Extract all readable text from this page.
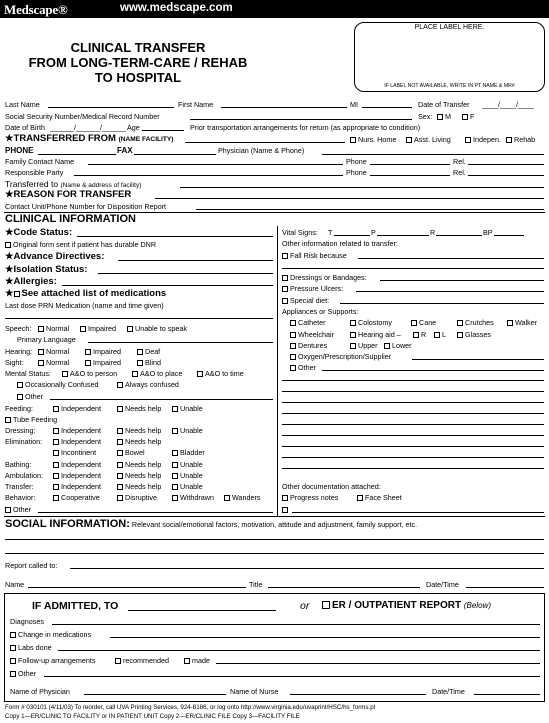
Medscape®	www.medscape.com
CLINICAL TRANSFER
FROM LONG-TERM-CARE / REHAB
TO HOSPITAL
PLACE LABEL HERE.
IF LABEL NOT AVAILABLE, WRITE IN PT NAME & MR#
Last Name	First Name	MI	Date of Transfer ____/____/____
Social Security Number/Medical Record Number	Sex:	M	F
Date of Birth ______/______/______ Age	Prior transportation arrangements for return (as appropriate to condition)
★TRANSFERRED FROM (NAME FACILITY)	Nurs. Home	Asst. Living	Indepen.	Rehab
PHONE	FAX	Physician (Name & Phone)
Family Contact Name	Phone	Rel.
Responsible Party	Phone	Rel.
Transferred to (Name & address of facility)
★REASON FOR TRANSFER
Contact Unit/Phone Number for Disposition Report
CLINICAL INFORMATION
★Code Status:
Original form sent if patient has durable DNR
★Advance Directives:
★Isolation Status:
★Allergies:
★ See attached list of medications
Last dose PRN Medication (name and time given)
Speech:	Normal	Impaired	Unable to speak
Primary Language
Hearing:	Normal	Impaired	Deaf
Sight:	Normal	Impaired	Blind
Mental Status:	A&O to person	A&O to place	A&O to time
Occasionally Confused	Always confused
Other
Feeding:	Independent	Needs help	Unable
Tube Feeding
Dressing:	Independent	Needs help	Unable
Elimination:	Independent	Needs help
Incontinent	Bowel	Bladder
Bathing:	Independent	Needs help	Unable
Ambulation:	Independent	Needs help	Unable
Transfer:	Independent	Needs help	Unable
Behavior:	Cooperative	Disruptive	Withdrawn	Wanders
Other
Vital Signs: T	P	R	BP
Other information related to transfer:
Fall Risk because
Dressings or Bandages:
Pressure Ulcers:
Special diet:
Appliances or Supports:
Catheter	Colostomy	Cane	Crutches	Walker
Wheelchair	Hearing aid –	R	L	Glasses
Dentures	Upper	Lower
Oxygen/Prescription/Supplier
Other
Other documentation attached:
Progress notes	Face Sheet
SOCIAL INFORMATION: Relevant social/emotional factors, motivation, attitude and adjustment, family support, etc.
Report called to:
Name	Title	Date/Time
IF ADMITTED, TO	or	ER / OUTPATIENT REPORT (Below)
Diagnoses
Change in medications
Labs done
Follow-up arrangements	recommended	made
Other
Name of Physician	Name of Nurse	Date/Time
Form # 030101 (4/11/03) To reorder, call UVA Printing Services, 924-8186, or log onto http://www.virginia.edu/uvaprint/HSC/hs_forms.pl
Copy 1—ER/CLINIC TO FACILITY or IN PATIENT UNIT Copy 2—ER/CLINIC FILE Copy 3—FACILITY FILE
